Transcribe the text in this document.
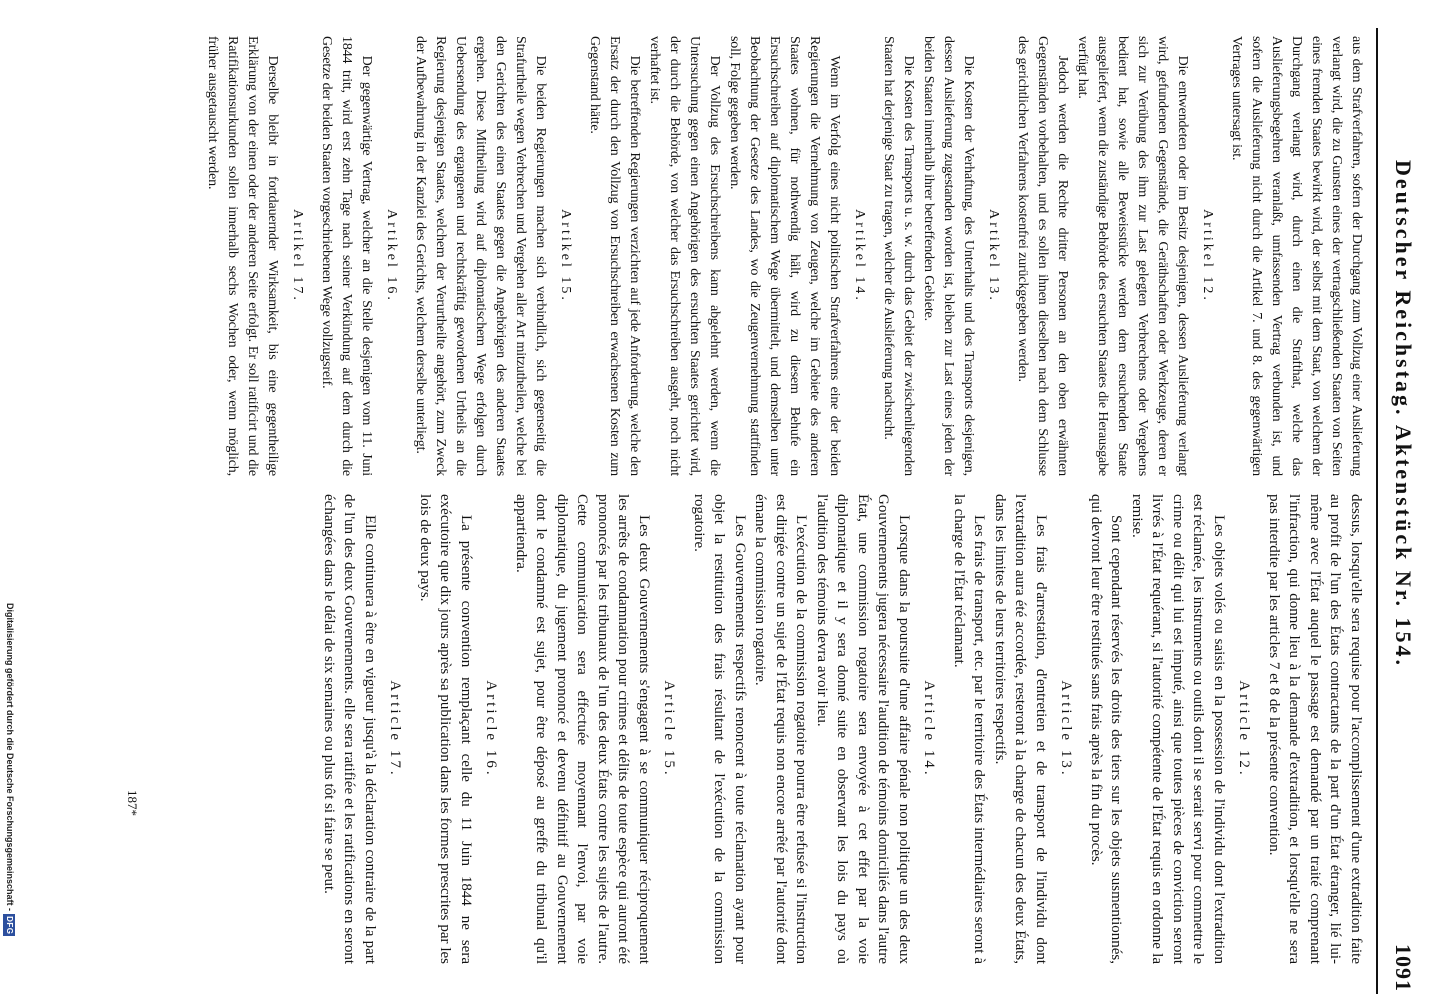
Deutscher Reichstag. Aktenstück Nr. 154.
1091

aus dem Strafverfahren, sofern der Durchgang zum Vollzug einer Auslieferung verlangt wird, die zu Gunsten eines der vertragschließenden Staaten von Seiten eines fremden Staates bewirkt wird, der selbst mit dem Staat, von welchem der Durchgang verlangt wird, durch einen die Strafthat, welche das Auslieferungsbegehren veranlaßt, umfassenden Vertrag verbunden ist, und sofern die Auslieferung nicht durch die Artikel 7. und 8. des gegenwärtigen Vertrages untersagt ist.

Artikel 12.

Die entwendeten oder im Besitz desjenigen, dessen Auslieferung verlangt wird, gefundenen Gegenstände, die Geräthschaften oder Werkzeuge, deren er sich zur Verübung des ihm zur Last gelegten Verbrechens oder Vergehens bedient hat, sowie alle Beweisstücke werden dem ersuchenden Staate ausgeliefert, wenn die zuständige Behörde des ersuchten Staates die Herausgabe verfügt hat.

Jedoch werden die Rechte dritter Personen an den oben erwähnten Gegenständen vorbehalten, und es sollen ihnen dieselben nach dem Schlusse des gerichtlichen Verfahrens kostenfrei zurückgegeben werden.

Artikel 13.

Die Kosten der Verhaftung, des Unterhalts und des Transports desjenigen, dessen Auslieferung zugestanden worden ist, bleiben zur Last eines jeden der beiden Staaten innerhalb ihrer betreffenden Gebiete.

Die Kosten des Transports u. s. w. durch das Gebiet der zwischenliegenden Staaten hat derjenige Staat zu tragen, welcher die Auslieferung nachsucht.

Artikel 14.

Wenn im Verfolg eines nicht politischen Strafverfahrens eine der beiden Regierungen die Vernehmung von Zeugen, welche im Gebiete des anderen Staates wohnen, für nothwendig hält, wird zu diesem Behufe ein Ersuchschreiben auf diplomatischem Wege übermittelt, und demselben unter Beobachtung der Gesetze des Landes, wo die Zeugenvernehmung stattfinden soll, Folge gegeben werden.

Der Vollzug des Ersuchschreibens kann abgelehnt werden, wenn die Untersuchung gegen einen Angehörigen des ersuchten Staates gerichtet wird, der durch die Behörde, von welcher das Ersuchschreiben ausgeht, noch nicht verhaftet ist.

Die betreffenden Regierungen verzichten auf jede Anforderung, welche den Ersatz der durch den Vollzug von Ersuchschreiben erwachsenen Kosten zum Gegenstand hätte.

Artikel 15.

Die beiden Regierungen machen sich verbindlich, sich gegenseitig die Strafurtheile wegen Verbrechen und Vergehen aller Art mitzutheilen, welche bei den Gerichten des einen Staates gegen die Angehörigen des anderen Staates ergehen. Diese Mittheilung wird auf diplomatischem Wege erfolgen durch Uebersendung des ergangenen und rechtskräftig gewordenen Urtheils an die Regierung desjenigen Staates, welchem der Verurtheilte angehört, zum Zweck der Aufbewahrung in der Kanzlei des Gerichts, welchem derselbe unterliegt.

Artikel 16.

Der gegenwärtige Vertrag, welcher an die Stelle desjenigen vom 11. Juni 1844 tritt, wird erst zehn Tage nach seiner Verkündung auf dem durch die Gesetze der beiden Staaten vorgeschriebenen Wege vollzugsreif.

Artikel 17.

Derselbe bleibt in fortdauernder Wirksamkeit, bis eine gegentheilige Erklärung von der einen oder der anderen Seite erfolgt. Er soll ratificirt und die Ratifikationsurkunden sollen innerhalb sechs Wochen oder, wenn möglich, früher ausgetauscht werden.

dessus, lorsqu'elle sera requise pour l'accomplissement d'une extradition faite au profit de l'un des États contractants de la part d'un État étranger, lié lui-même avec l'État auquel le passage est demandé par un traité comprenant l'infraction, qui donne lieu à la demande d'extradition, et lorsqu'elle ne sera pas interdite par les articles 7 et 8 de la présente convention.

Article 12.

Les objets volés ou saisis en la possession de l'individu dont l'extradition est réclamée, les instruments ou outils dont il se serait servi pour commettre le crime ou délit qui lui est imputé, ainsi que toutes pièces de conviction seront livrés à l'État requérant, si l'autorité compétente de l'État requis en ordonne la remise.

Sont cependant réservés les droits des tiers sur les objets susmentionnés, qui devront leur être restitués sans frais après la fin du procès.

Article 13.

Les frais d'arrestation, d'entretien et de transport de l'individu dont l'extradition aura été accordée, resteront à la charge de chacun des deux États, dans les limites de leurs territoires respectifs.

Les frais de transport, etc. par le territoire des États intermédiaires seront à la charge de l'État réclamant.

Article 14.

Lorsque dans la poursuite d'une affaire pénale non politique un des deux Gouvernements jugera nécessaire l'audition de témoins domiciliés dans l'autre État, une commission rogatoire sera envoyée à cet effet par la voie diplomatique et il y sera donné suite en observant les lois du pays où l'audition des témoins devra avoir lieu.

L'exécution de la commission rogatoire pourra être refusée si l'instruction est dirigée contre un sujet de l'État requis non encore arrêté par l'autorité dont émane la commission rogatoire.

Les Gouvernements respectifs renoncent à toute réclamation ayant pour objet la restitution des frais résultant de l'exécution de la commission rogatoire.

Article 15.

Les deux Gouvernements s'engagent à se communiquer réciproquement les arrêts de condamnation pour crimes et délits de toute espèce qui auront été prononcés par les tribunaux de l'un des deux États contre les sujets de l'autre. Cette communication sera effectuée moyennant l'envoi, par voie diplomatique, du jugement prononcé et devenu définitif au Gouvernement dont le condamné est sujet, pour être déposé au greffe du tribunal qu'il appartiendra.

Article 16.

La présente convention remplaçant celle du 11 Juin 1844 ne sera exécutoire que dix jours après sa publication dans les formes prescrites par les lois de deux pays.

Article 17.

Elle continuera à être en vigueur jusqu'à la déclaration contraire de la part de l'un des deux Gouvernements. elle sera ratifiée et les ratifications en seront échangées dans le délai de six semaines ou plus tôt si faire se peut.

187*
Digitalisierung gefördert durch die Deutsche Forschungsgemeinschaft -
DFG
